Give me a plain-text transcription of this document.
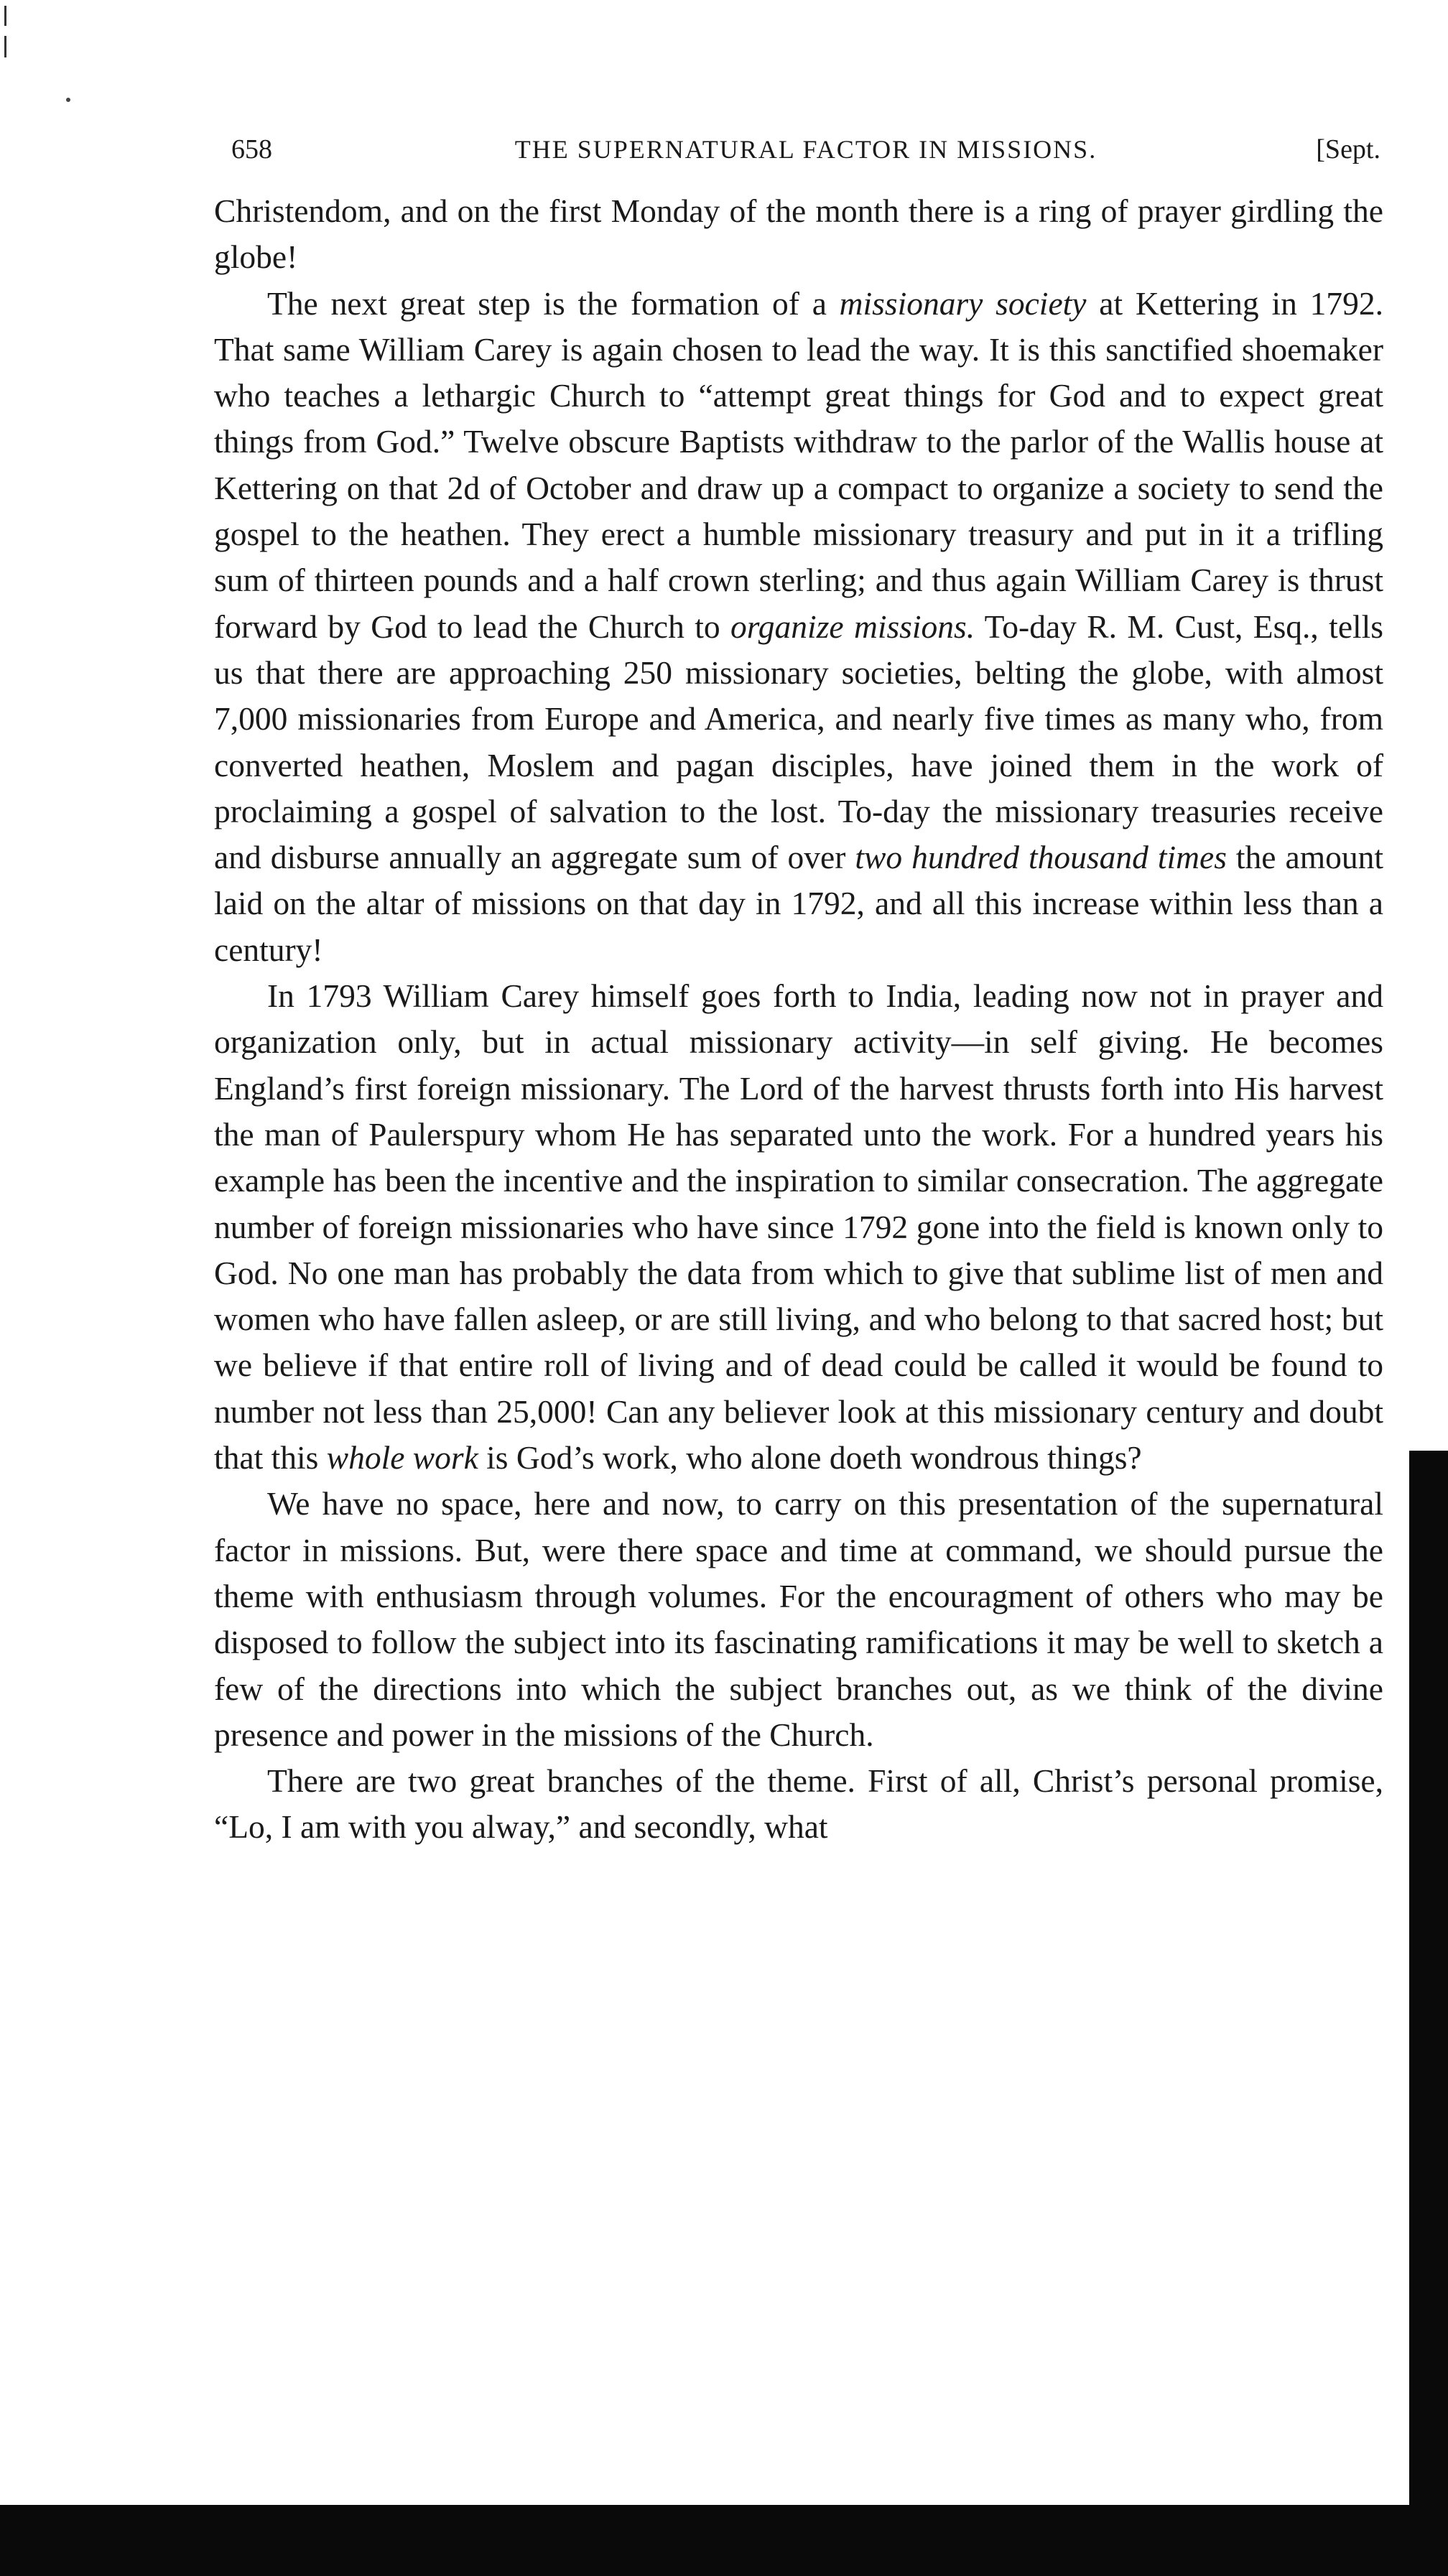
658	THE SUPERNATURAL FACTOR IN MISSIONS.	[Sept.

Christendom, and on the first Monday of the month there is a ring of prayer girdling the globe!

The next great step is the formation of a missionary society at Kettering in 1792. That same William Carey is again chosen to lead the way. It is this sanctified shoemaker who teaches a lethargic Church to “attempt great things for God and to expect great things from God.” Twelve obscure Baptists withdraw to the parlor of the Wallis house at Kettering on that 2d of October and draw up a compact to organize a society to send the gospel to the heathen. They erect a humble missionary treasury and put in it a trifling sum of thirteen pounds and a half crown sterling; and thus again William Carey is thrust forward by God to lead the Church to organize missions. To-day R. M. Cust, Esq., tells us that there are approaching 250 missionary societies, belting the globe, with almost 7,000 missionaries from Europe and America, and nearly five times as many who, from converted heathen, Moslem and pagan disciples, have joined them in the work of proclaiming a gospel of salvation to the lost. To-day the missionary treasuries receive and disburse annually an aggregate sum of over two hundred thousand times the amount laid on the altar of missions on that day in 1792, and all this increase within less than a century!

In 1793 William Carey himself goes forth to India, leading now not in prayer and organization only, but in actual missionary activity—in self giving. He becomes England’s first foreign missionary. The Lord of the harvest thrusts forth into His harvest the man of Paulerspury whom He has separated unto the work. For a hundred years his example has been the incentive and the inspiration to similar consecration. The aggregate number of foreign missionaries who have since 1792 gone into the field is known only to God. No one man has probably the data from which to give that sublime list of men and women who have fallen asleep, or are still living, and who belong to that sacred host; but we believe if that entire roll of living and of dead could be called it would be found to number not less than 25,000! Can any believer look at this missionary century and doubt that this whole work is God’s work, who alone doeth wondrous things?

We have no space, here and now, to carry on this presentation of the supernatural factor in missions. But, were there space and time at command, we should pursue the theme with enthusiasm through volumes. For the encouragment of others who may be disposed to follow the subject into its fascinating ramifications it may be well to sketch a few of the directions into which the subject branches out, as we think of the divine presence and power in the missions of the Church.

There are two great branches of the theme. First of all, Christ’s personal promise, “Lo, I am with you alway,” and secondly, what
